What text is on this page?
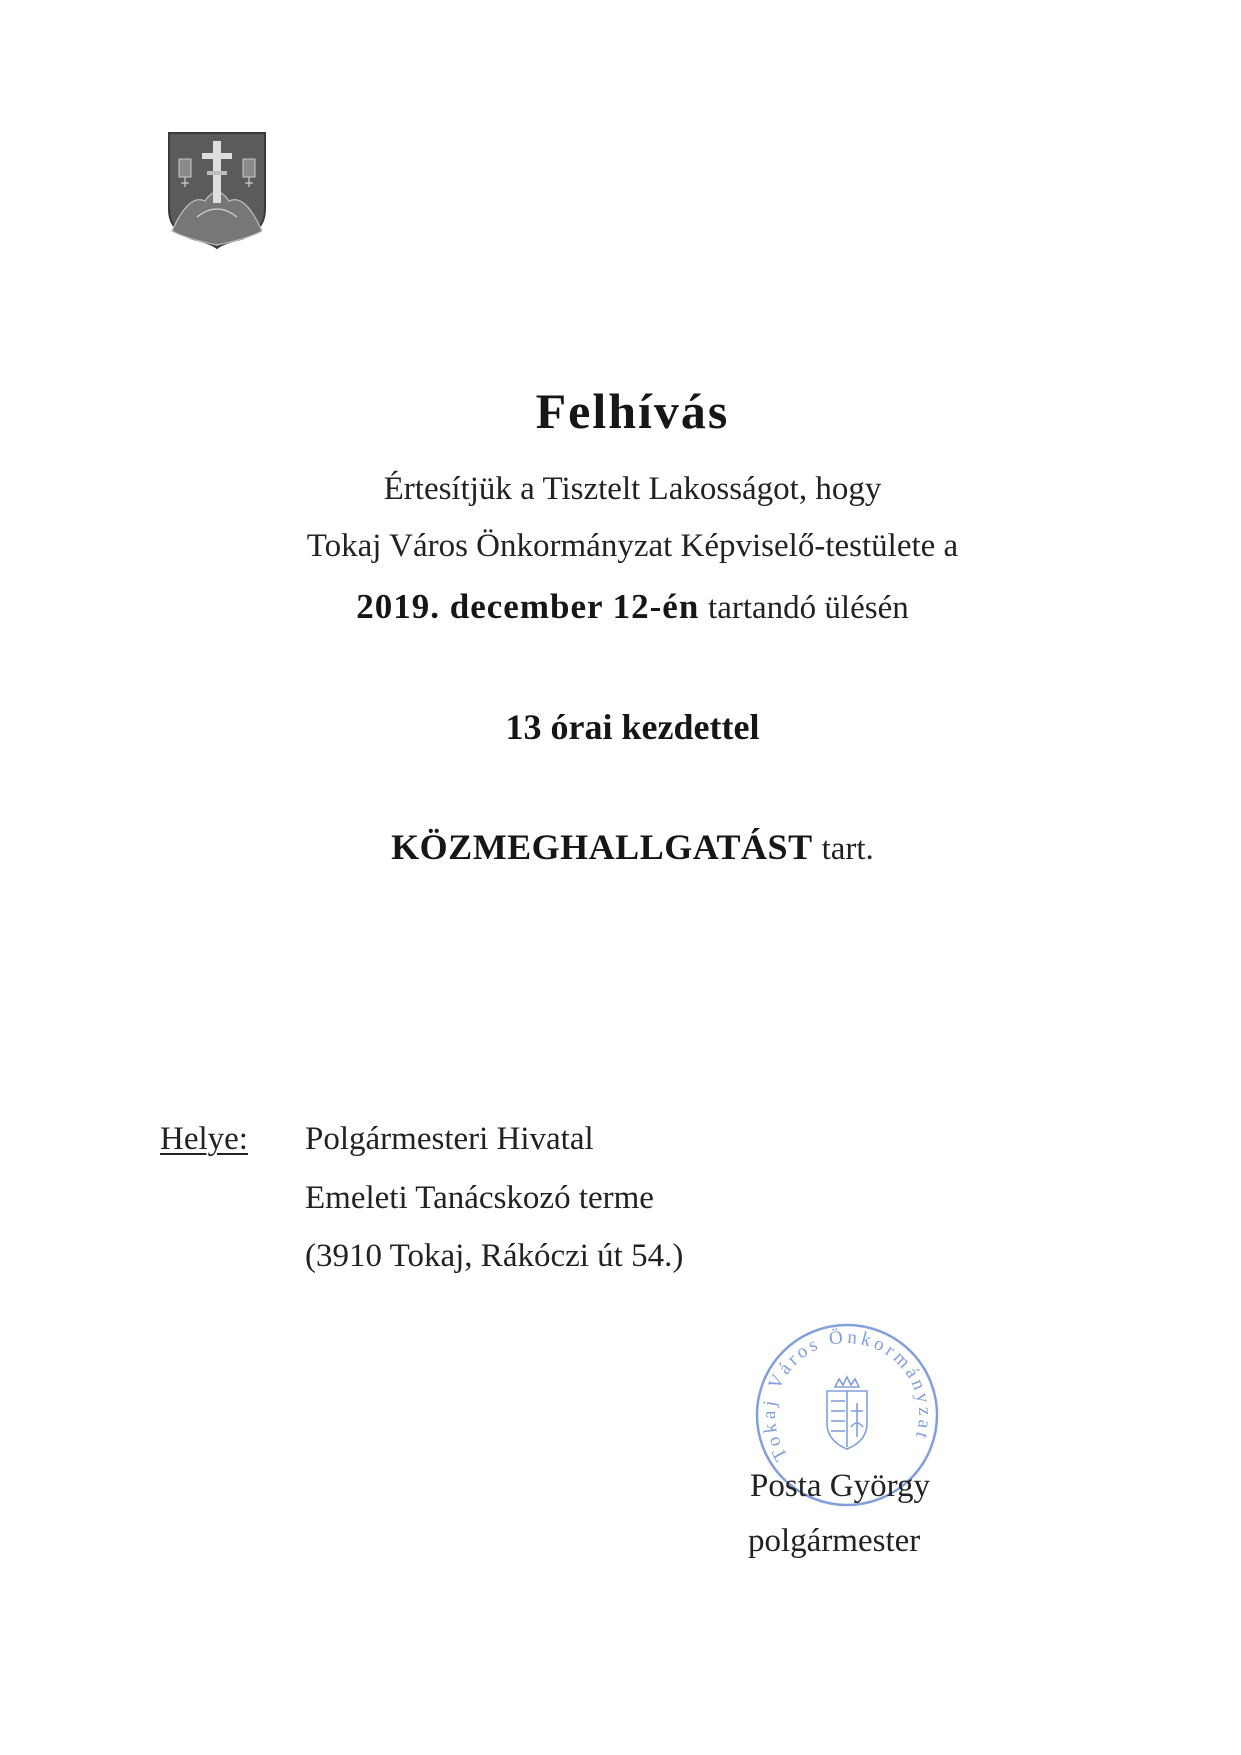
Felhívás
Értesítjük a Tisztelt Lakosságot, hogy
Tokaj Város Önkormányzat Képviselő-testülete a
2019. december 12-én tartandó ülésén
13 órai kezdettel
KÖZMEGHALLGATÁST tart.
Helye: Polgármesteri Hivatal
Emeleti Tanácskozó terme
(3910 Tokaj, Rákóczi út 54.)
Tokaj Város Önkormányzat
Posta György
polgármester
